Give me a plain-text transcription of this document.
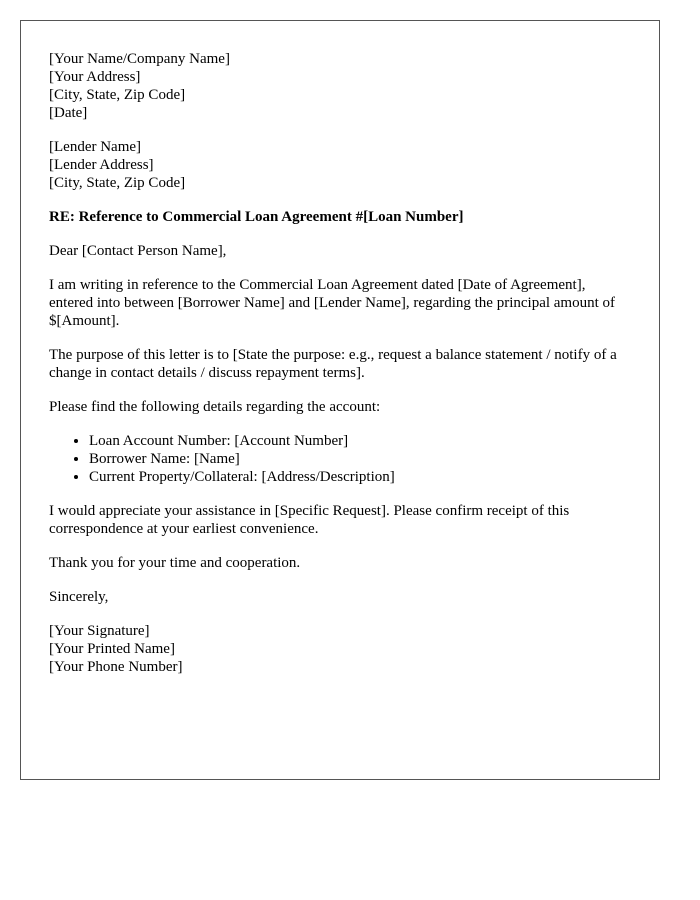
[Your Name/Company Name]
[Your Address]
[City, State, Zip Code]
[Date]
[Lender Name]
[Lender Address]
[City, State, Zip Code]

RE: Reference to Commercial Loan Agreement #[Loan Number]

Dear [Contact Person Name],

I am writing in reference to the Commercial Loan Agreement dated [Date of Agreement], entered into between [Borrower Name] and [Lender Name], regarding the principal amount of $[Amount].

The purpose of this letter is to [State the purpose: e.g., request a balance statement / notify of a change in contact details / discuss repayment terms].

Please find the following details regarding the account:

• Loan Account Number: [Account Number]
• Borrower Name: [Name]
• Current Property/Collateral: [Address/Description]

I would appreciate your assistance in [Specific Request]. Please confirm receipt of this correspondence at your earliest convenience.

Thank you for your time and cooperation.

Sincerely,

[Your Signature]
[Your Printed Name]
[Your Phone Number]
